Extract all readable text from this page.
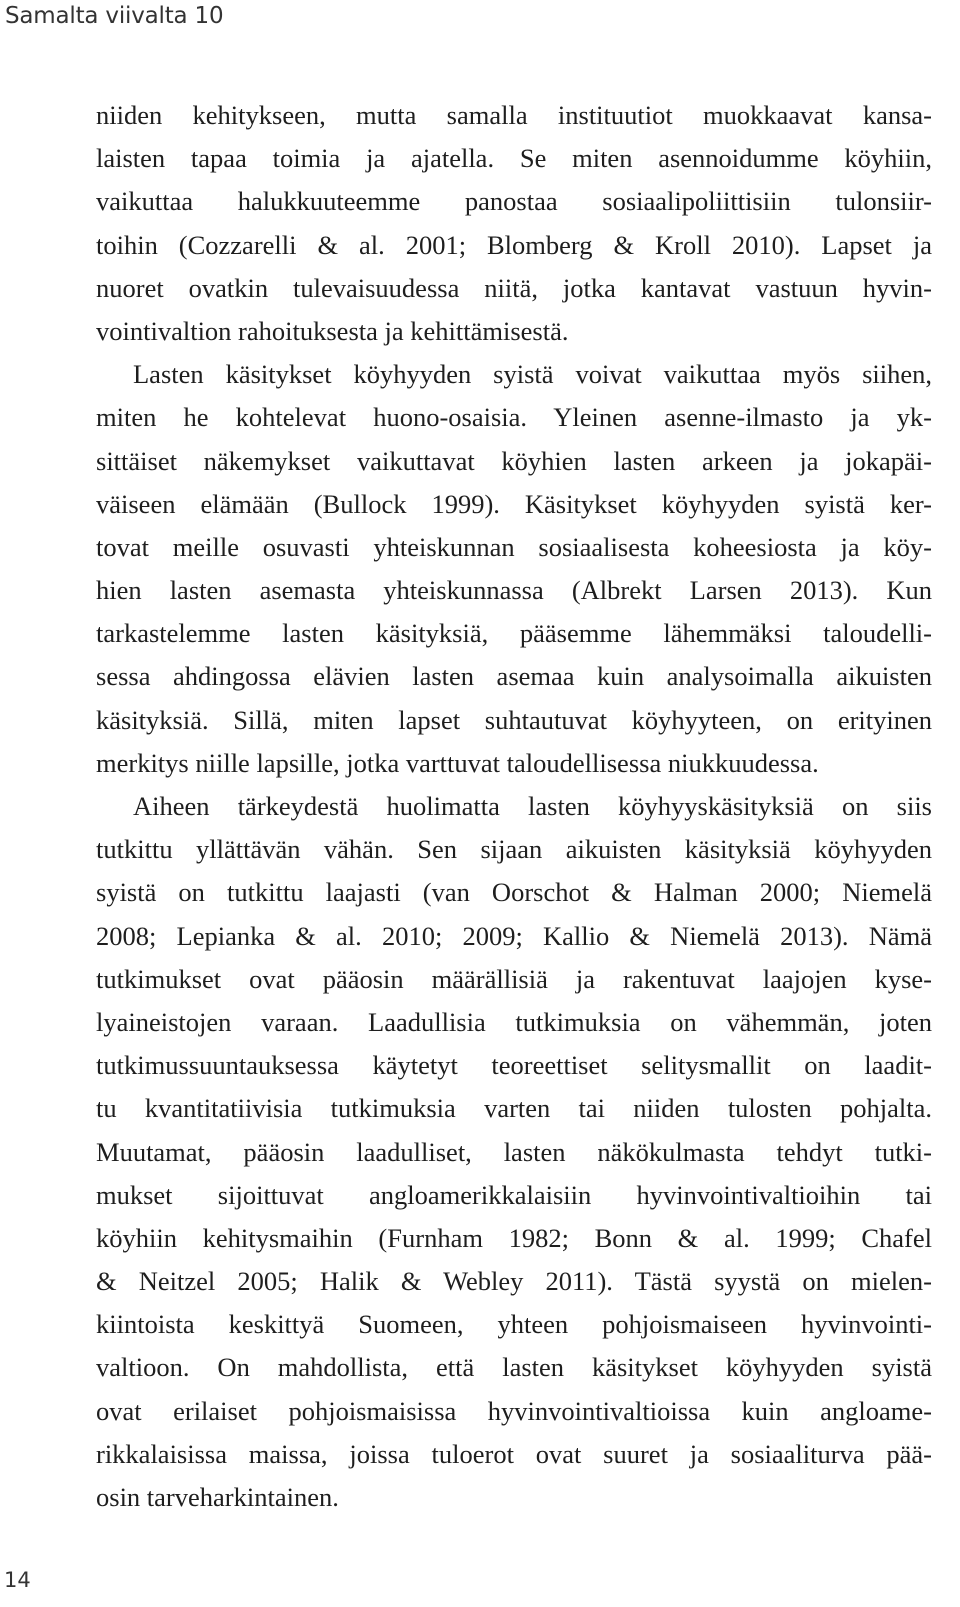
Samalta viivalta 10
niiden kehitykseen, mutta samalla instituutiot muokkaavat kansa-
laisten tapaa toimia ja ajatella. Se miten asennoidumme köyhiin,
vaikuttaa halukkuuteemme panostaa sosiaalipoliittisiin tulonsiir-
toihin (Cozzarelli & al. 2001; Blomberg & Kroll 2010). Lapset ja
nuoret ovatkin tulevaisuudessa niitä, jotka kantavat vastuun hyvin-
vointivaltion rahoituksesta ja kehittämisestä.
Lasten käsitykset köyhyyden syistä voivat vaikuttaa myös siihen,
miten he kohtelevat huono-osaisia. Yleinen asenne-ilmasto ja yk-
sittäiset näkemykset vaikuttavat köyhien lasten arkeen ja jokapäi-
väiseen elämään (Bullock 1999). Käsitykset köyhyyden syistä ker-
tovat meille osuvasti yhteiskunnan sosiaalisesta koheesiosta ja köy-
hien lasten asemasta yhteiskunnassa (Albrekt Larsen 2013). Kun
tarkastelemme lasten käsityksiä, pääsemme lähemmäksi taloudelli-
sessa ahdingossa elävien lasten asemaa kuin analysoimalla aikuisten
käsityksiä. Sillä, miten lapset suhtautuvat köyhyyteen, on erityinen
merkitys niille lapsille, jotka varttuvat taloudellisessa niukkuudessa.
Aiheen tärkeydestä huolimatta lasten köyhyyskäsityksiä on siis
tutkittu yllättävän vähän. Sen sijaan aikuisten käsityksiä köyhyyden
syistä on tutkittu laajasti (van Oorschot & Halman 2000; Niemelä
2008; Lepianka & al. 2010; 2009; Kallio & Niemelä 2013). Nämä
tutkimukset ovat pääosin määrällisiä ja rakentuvat laajojen kyse-
lyaineistojen varaan. Laadullisia tutkimuksia on vähemmän, joten
tutkimussuuntauksessa käytetyt teoreettiset selitysmallit on laadit-
tu kvantitatiivisia tutkimuksia varten tai niiden tulosten pohjalta.
Muutamat, pääosin laadulliset, lasten näkökulmasta tehdyt tutki-
mukset sijoittuvat angloamerikkalaisiin hyvinvointivaltioihin tai
köyhiin kehitysmaihin (Furnham 1982; Bonn & al. 1999; Chafel
& Neitzel 2005; Halik & Webley 2011). Tästä syystä on mielen-
kiintoista keskittyä Suomeen, yhteen pohjoismaiseen hyvinvointi-
valtioon. On mahdollista, että lasten käsitykset köyhyyden syistä
ovat erilaiset pohjoismaisissa hyvinvointivaltioissa kuin angloame-
rikkalaisissa maissa, joissa tuloerot ovat suuret ja sosiaaliturva pää-
osin tarveharkintainen.
14
